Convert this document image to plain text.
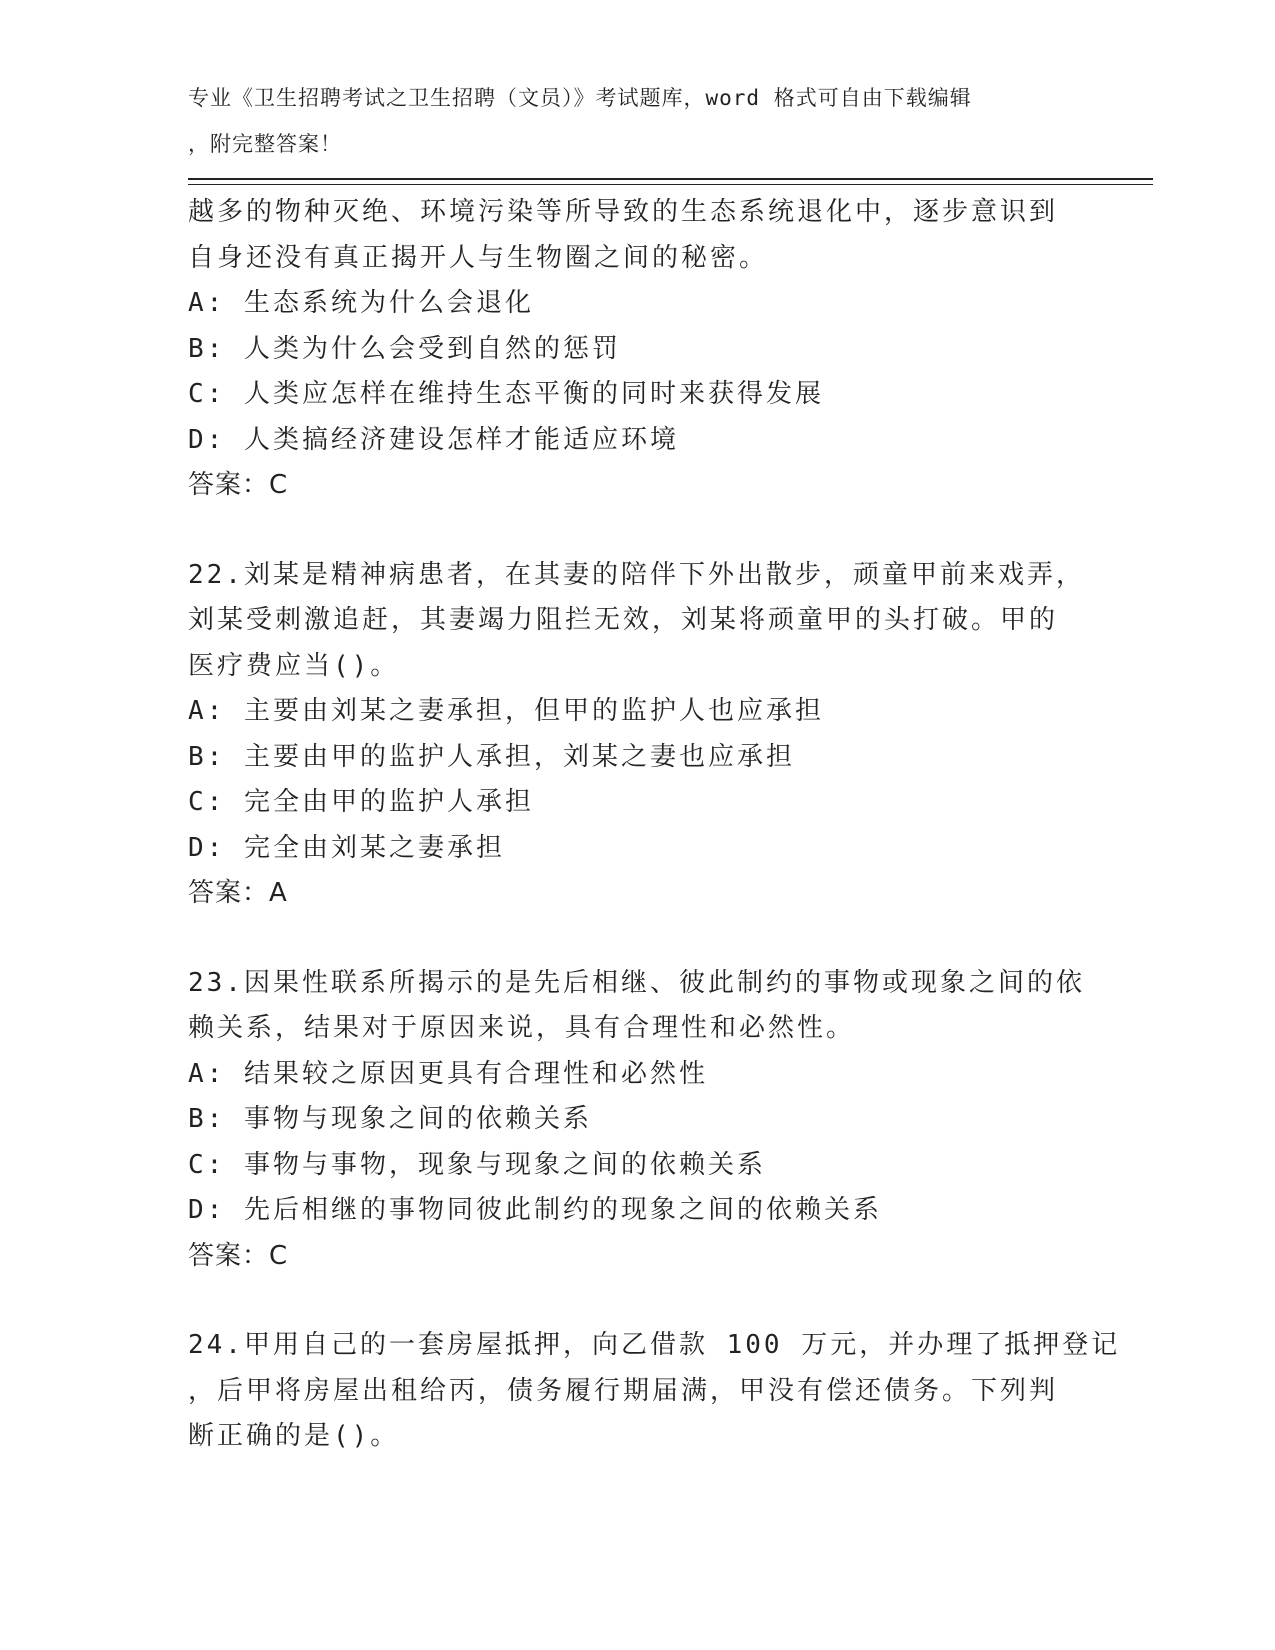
专业《卫生招聘考试之卫生招聘（文员）》考试题库，word 格式可自由下载编辑
，附完整答案！
越多的物种灭绝、环境污染等所导致的生态系统退化中，逐步意识到
自身还没有真正揭开人与生物圈之间的秘密。
A: 生态系统为什么会退化
B: 人类为什么会受到自然的惩罚
C: 人类应怎样在维持生态平衡的同时来获得发展
D: 人类搞经济建设怎样才能适应环境
答案：C
22.刘某是精神病患者，在其妻的陪伴下外出散步，顽童甲前来戏弄，
刘某受刺激追赶，其妻竭力阻拦无效，刘某将顽童甲的头打破。甲的
医疗费应当()。
A: 主要由刘某之妻承担，但甲的监护人也应承担
B: 主要由甲的监护人承担，刘某之妻也应承担
C: 完全由甲的监护人承担
D: 完全由刘某之妻承担
答案：A
23.因果性联系所揭示的是先后相继、彼此制约的事物或现象之间的依
赖关系，结果对于原因来说，具有合理性和必然性。
A: 结果较之原因更具有合理性和必然性
B: 事物与现象之间的依赖关系
C: 事物与事物，现象与现象之间的依赖关系
D: 先后相继的事物同彼此制约的现象之间的依赖关系
答案：C
24.甲用自己的一套房屋抵押，向乙借款 100 万元，并办理了抵押登记
，后甲将房屋出租给丙，债务履行期届满，甲没有偿还债务。下列判
断正确的是()。
